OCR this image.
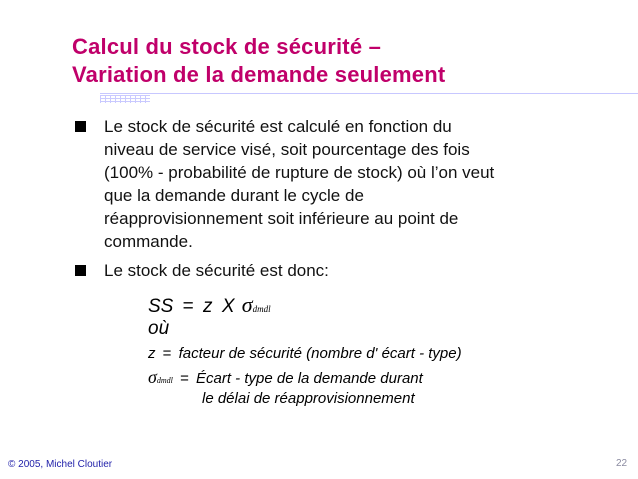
Calcul du stock de sécurité –
Variation de la demande seulement
Le stock de sécurité est calculé en fonction du
niveau de service visé, soit pourcentage des fois
(100% - probabilité de rupture de stock) où l’on veut
que la demande durant le cycle de
réapprovisionnement soit inférieure au point de
commande.
Le stock de sécurité est donc:
SS = z X σdmdl
où
z = facteur de sécurité (nombre d' écart - type)
σdmdl = Écart - type de la demande durant
le délai de réapprovisionnement
© 2005, Michel Cloutier	22
